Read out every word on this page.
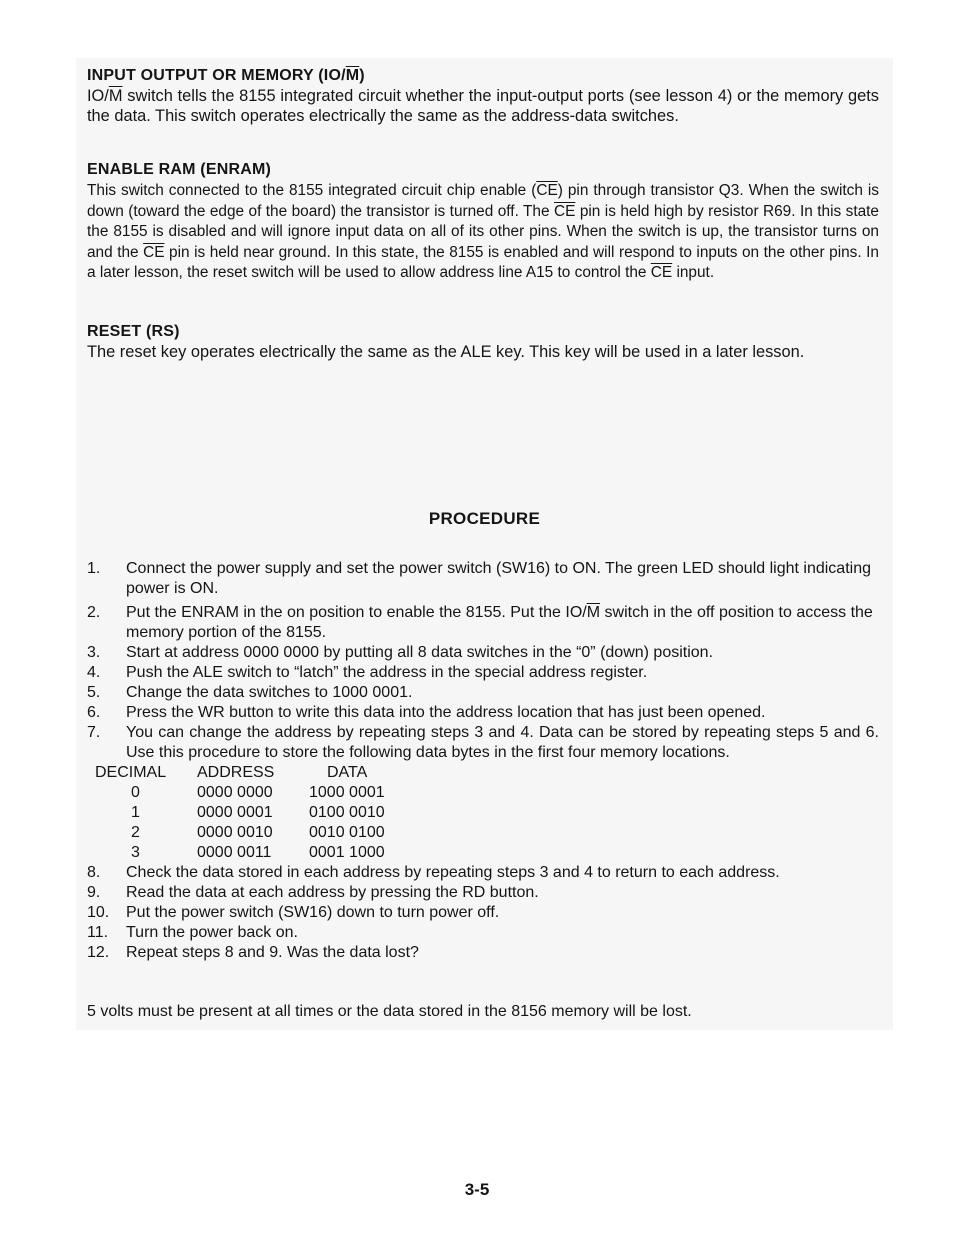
INPUT OUTPUT OR MEMORY $(IO/\overline{M})$
$IO/\overline{M}$ switch tells the 8155 integrated circuit whether the input-output ports (see lesson 4) or the memory gets the data. This switch operates electrically the same as the address-data switches.
ENABLE RAM (ENRAM)
This switch connected to the 8155 integrated circuit chip enable $(\overline{CE})$ pin through transistor Q3. When the switch is down (toward the edge of the board) the transistor is turned off. The $\overline{CE}$ pin is held high by resistor R69. In this state the 8155 is disabled and will ignore input data on all of its other pins. When the switch is up, the transistor turns on and the $\overline{CE}$ pin is held near ground. In this state, the 8155 is enabled and will respond to inputs on the other pins. In a later lesson, the reset switch will be used to allow address line A15 to control the $\overline{CE}$ input.
RESET (RS)
The reset key operates electrically the same as the ALE key. This key will be used in a later lesson.
PROCEDURE
1.	Connect the power supply and set the power switch (SW16) to ON. The green LED should light indicating power is ON.
2.	Put the ENRAM in the on position to enable the 8155. Put the $IO/\overline{M}$ switch in the off position to access the memory portion of the 8155.
3.	Start at address 0000 0000 by putting all 8 data switches in the “0” (down) position.
4.	Push the ALE switch to “latch” the address in the special address register.
5.	Change the data switches to 1000 0001.
6.	Press the WR button to write this data into the address location that has just been opened.
7.	You can change the address by repeating steps 3 and 4. Data can be stored by repeating steps 5 and 6. Use this procedure to store the following data bytes in the first four memory locations.
DECIMAL	ADDRESS	DATA
0	0000 0000	1000 0001
1	0000 0001	0100 0010
2	0000 0010	0010 0100
3	0000 0011	0001 1000
8.	Check the data stored in each address by repeating steps 3 and 4 to return to each address.
9.	Read the data at each address by pressing the RD button.
10.	Put the power switch (SW16) down to turn power off.
11.	Turn the power back on.
12.	Repeat steps 8 and 9. Was the data lost?
5 volts must be present at all times or the data stored in the 8156 memory will be lost.
3-5
